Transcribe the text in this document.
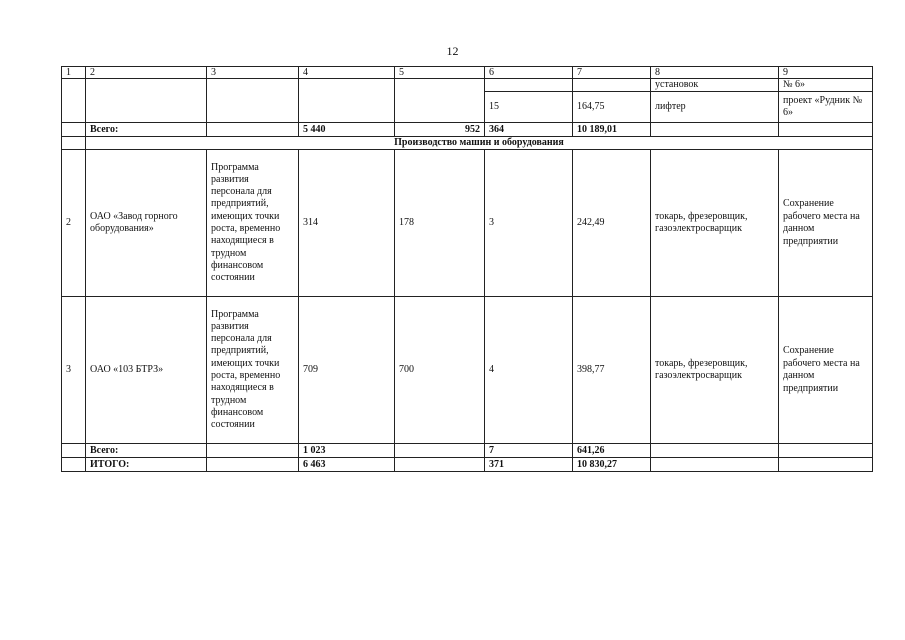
12
1	2	3	4	5	6	7	8	9
							установок	№ 6»
					15	164,75	лифтер	проект «Рудник № 6»
	Всего:		5 440	952	364	10 189,01		
	Производство машин и оборудования							
2	ОАО «Завод горного оборудования»	Программа развития персонала для предприятий, имеющих точки роста, временно находящиеся в трудном финансовом состоянии	314	178	3	242,49	токарь, фрезеровщик, газоэлектросварщик	Сохранение рабочего места на данном предприятии
3	ОАО «103 БТРЗ»	Программа развития персонала для предприятий, имеющих точки роста, временно находящиеся в трудном финансовом состоянии	709	700	4	398,77	токарь, фрезеровщик, газоэлектросварщик	Сохранение рабочего места на данном предприятии
	Всего:		1 023		7	641,26		
	ИТОГО:		6 463		371	10 830,27		
